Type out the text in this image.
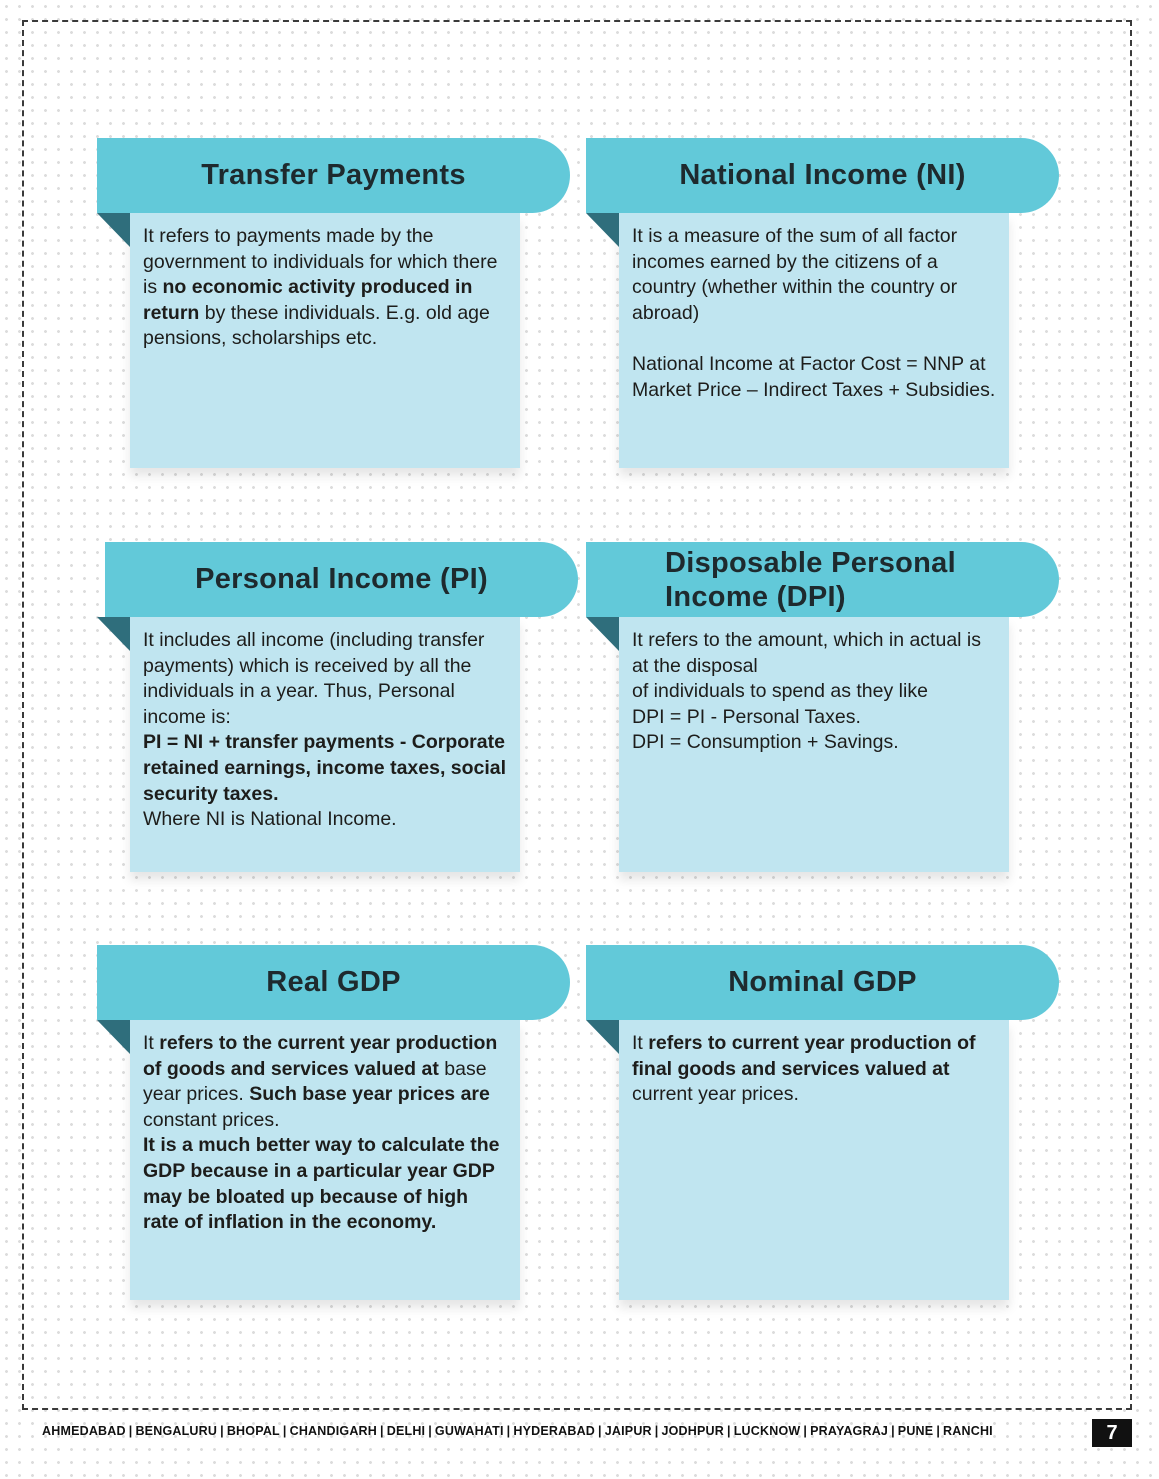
Transfer Payments

It refers to payments made by the government to individuals for which there is no economic activity produced in return by these individuals. E.g. old age pensions, scholarships etc.

National Income (NI)

It is a measure of the sum of all factor incomes earned by the citizens of a country (whether within the country or abroad)

National Income at Factor Cost = NNP at Market Price – Indirect Taxes + Subsidies.

Personal Income (PI)

It includes all income (including transfer payments) which is received by all the individuals in a year. Thus, Personal income is:

PI = NI + transfer payments - Corporate retained earnings, income taxes, social security taxes.

Where NI is National Income.

Disposable Personal
Income (DPI)

It refers to the amount, which in actual is at the disposal

of individuals to spend as they like

DPI = PI - Personal Taxes.

DPI = Consumption + Savings.

Real GDP

It refers to the current year production of goods and services valued at base year prices. Such base year prices are constant prices.

It is a much better way to calculate the GDP because in a particular year GDP may be bloated up because of high rate of inflation in the economy.

Nominal GDP

It refers to current year production of final goods and services valued at current year prices.

AHMEDABAD | BENGALURU | BHOPAL | CHANDIGARH | DELHI | GUWAHATI | HYDERABAD | JAIPUR | JODHPUR | LUCKNOW | PRAYAGRAJ | PUNE | RANCHI	7
